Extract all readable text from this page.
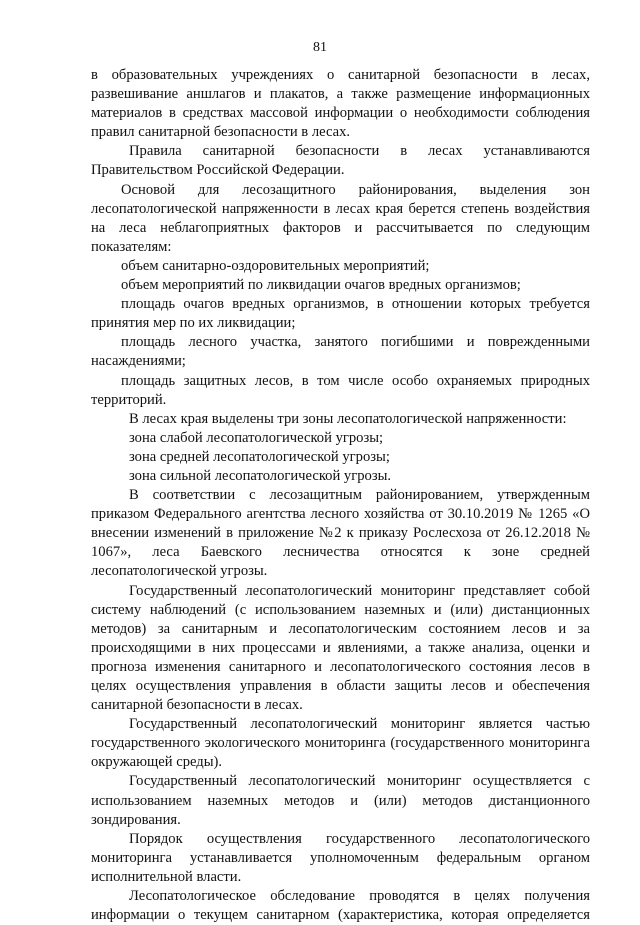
81

в образовательных учреждениях о санитарной безопасности в лесах, развешивание аншлагов и плакатов, а также размещение информационных материалов в средствах массовой информации о необходимости соблюдения правил санитарной безопасности в лесах.

Правила санитарной безопасности в лесах устанавливаются Правительством Российской Федерации.

Основой для лесозащитного районирования, выделения зон лесопатологической напряженности в лесах края берется степень воздействия на леса неблагоприятных факторов и рассчитывается по следующим показателям:

объем санитарно-оздоровительных мероприятий;

объем мероприятий по ликвидации очагов вредных организмов;

площадь очагов вредных организмов, в отношении которых требуется принятия мер по их ликвидации;

площадь лесного участка, занятого погибшими и поврежденными насаждениями;

площадь защитных лесов, в том числе особо охраняемых природных территорий.

В лесах края выделены три зоны лесопатологической напряженности:

зона слабой лесопатологической угрозы;

зона средней лесопатологической угрозы;

зона сильной лесопатологической угрозы.

В соответствии с лесозащитным районированием, утвержденным приказом Федерального агентства лесного хозяйства от 30.10.2019 № 1265 «О внесении изменений в приложение №2 к приказу Рослесхоза от 26.12.2018 № 1067», леса Баевского лесничества относятся к зоне средней лесопатологической угрозы.

Государственный лесопатологический мониторинг представляет собой систему наблюдений (с использованием наземных и (или) дистанционных методов) за санитарным и лесопатологическим состоянием лесов и за происходящими в них процессами и явлениями, а также анализа, оценки и прогноза изменения санитарного и лесопатологического состояния лесов в целях осуществления управления в области защиты лесов и обеспечения санитарной безопасности в лесах.

Государственный лесопатологический мониторинг является частью государственного экологического мониторинга (государственного мониторинга окружающей среды).

Государственный лесопатологический мониторинг осуществляется с использованием наземных методов и (или) методов дистанционного зондирования.

Порядок осуществления государственного лесопатологического мониторинга устанавливается уполномоченным федеральным органом исполнительной власти.

Лесопатологическое обследование проводятся в целях получения информации о текущем санитарном (характеристика, которая определяется
